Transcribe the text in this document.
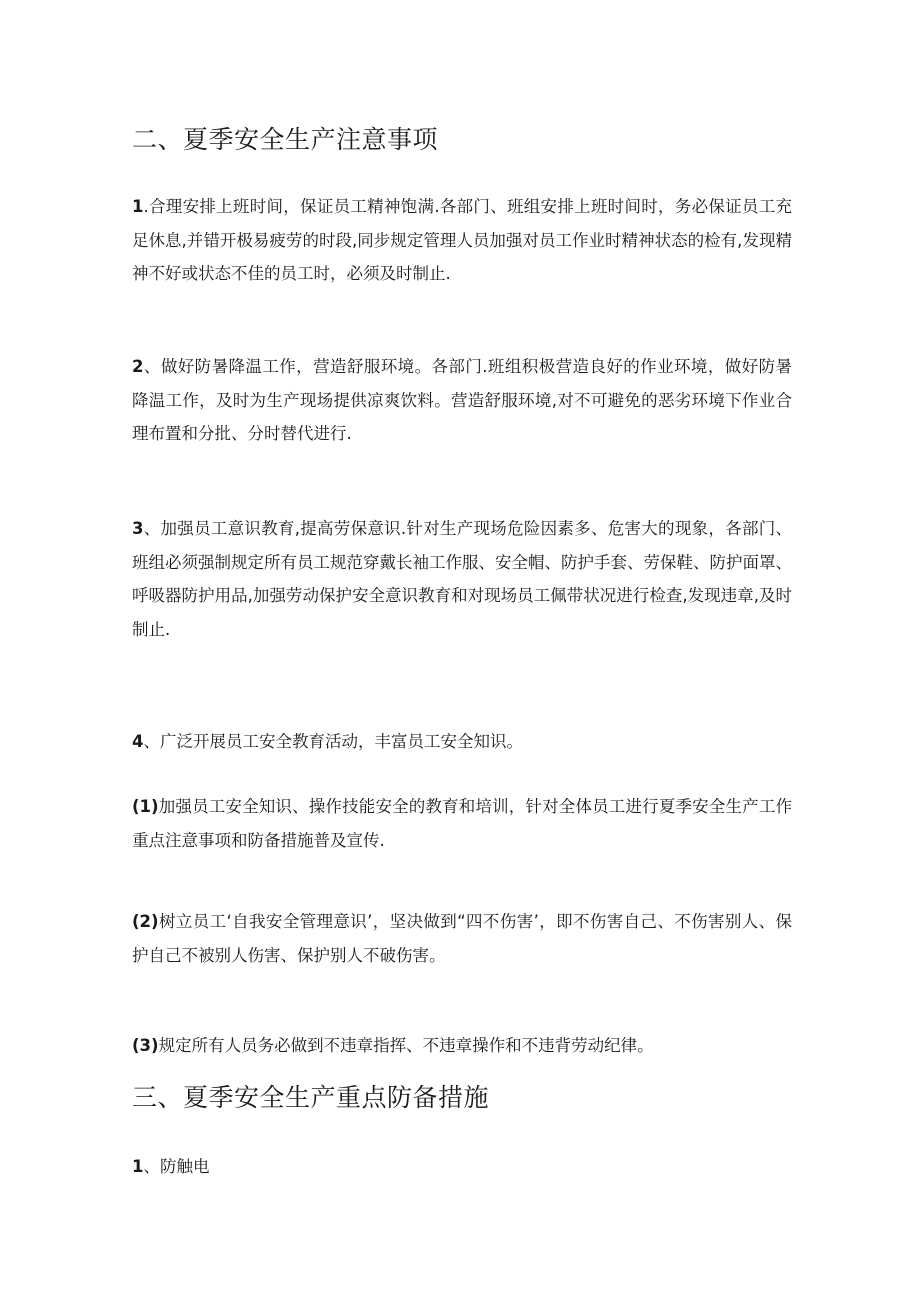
二、夏季安全生产注意事项

1.合理安排上班时间，保证员工精神饱满.各部门、班组安排上班时间时，务必保证员工充足休息,并错开极易疲劳的时段,同步规定管理人员加强对员工作业时精神状态的检有,发现精神不好或状态不佳的员工时，必须及时制止.

2、做好防暑降温工作，营造舒服环境。各部门.班组积极营造良好的作业环境，做好防暑降温工作，及时为生产现场提供凉爽饮料。营造舒服环境,对不可避免的恶劣环境下作业合理布置和分批、分时替代进行.

3、加强员工意识教育,提高劳保意识.针对生产现场危险因素多、危害大的现象，各部门、班组必须强制规定所有员工规范穿戴长袖工作服、安全帽、防护手套、劳保鞋、防护面罩、呼吸器防护用品,加强劳动保护安全意识教育和对现场员工佩带状况进行检查,发现违章,及时制止.

4、广泛开展员工安全教育活动，丰富员工安全知识。

(1)加强员工安全知识、操作技能安全的教育和培训，针对全体员工进行夏季安全生产工作重点注意事项和防备措施普及宣传.

(2)树立员工‘自我安全管理意识’，坚决做到“四不伤害’，即不伤害自己、不伤害别人、保护自己不被别人伤害、保护别人不破伤害。

(3)规定所有人员务必做到不违章指挥、不违章操作和不违背劳动纪律。

三、夏季安全生产重点防备措施

1、防触电
